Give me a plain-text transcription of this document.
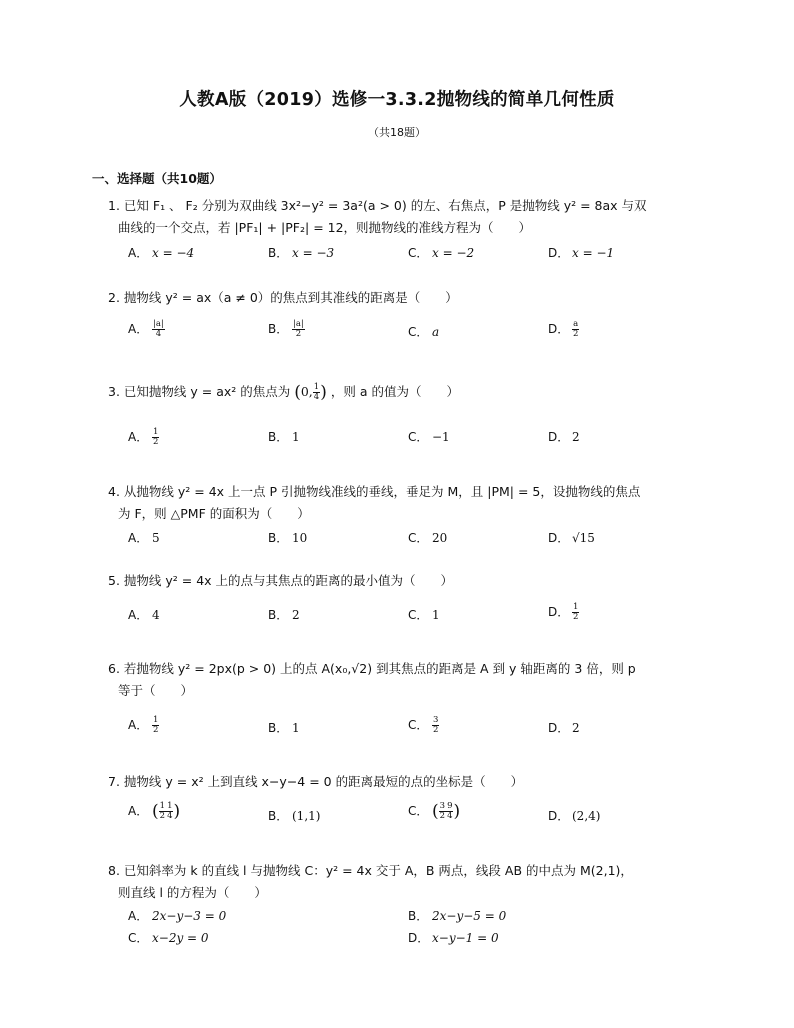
人教A版（2019）选修一3.3.2抛物线的简单几何性质
（共18题）
一、选择题（共10题）
1. 已知 F₁ 、 F₂ 分别为双曲线 3x²−y² = 3a²(a > 0) 的左、右焦点，P 是抛物线 y² = 8ax 与双
曲线的一个交点，若 |PF₁| + |PF₂| = 12，则抛物线的准线方程为（　　）
A． x = −4	B． x = −3	C． x = −2	D． x = −1
2. 抛物线 y² = ax（a ≠ 0）的焦点到其准线的距离是（　　）
A． $\frac{|a|}{4}$	B． $\frac{|a|}{2}$	C． a	D． $\frac{a}{2}$
3. 已知抛物线 y = ax² 的焦点为 (0, $\frac{1}{4}$ ) ，则 a 的值为（　　）
A． $\frac{1}{2}$	B． 1	C． −1	D． 2
4. 从抛物线 y² = 4x 上一点 P 引抛物线准线的垂线，垂足为 M，且 |PM| = 5，设抛物线的焦点
为 F，则 △PMF 的面积为（　　）
A． 5	B． 10	C． 20	D． √15
5. 抛物线 y² = 4x 上的点与其焦点的距离的最小值为（　　）
A． 4	B． 2	C． 1	D． $\frac{1}{2}$
6. 若抛物线 y² = 2px(p > 0) 上的点 A(x₀,√2) 到其焦点的距离是 A 到 y 轴距离的 3 倍，则 p
等于（　　）
A． $\frac{1}{2}$	B． 1	C． $\frac{3}{2}$	D． 2
7. 抛物线 y = x² 上到直线 x−y−4 = 0 的距离最短的点的坐标是（　　）
A． ( $\frac{1}{2} \frac{1}{4}$ )	B． (1,1)	C． ( $\frac{3}{2} \frac{9}{4}$ )	D． (2,4)
8. 已知斜率为 k 的直线 l 与抛物线 C：y² = 4x 交于 A，B 两点，线段 AB 的中点为 M(2,1)，
则直线 l 的方程为（　　）
A． 2x−y−3 = 0	B． 2x−y−5 = 0
C． x−2y = 0	D． x−y−1 = 0
